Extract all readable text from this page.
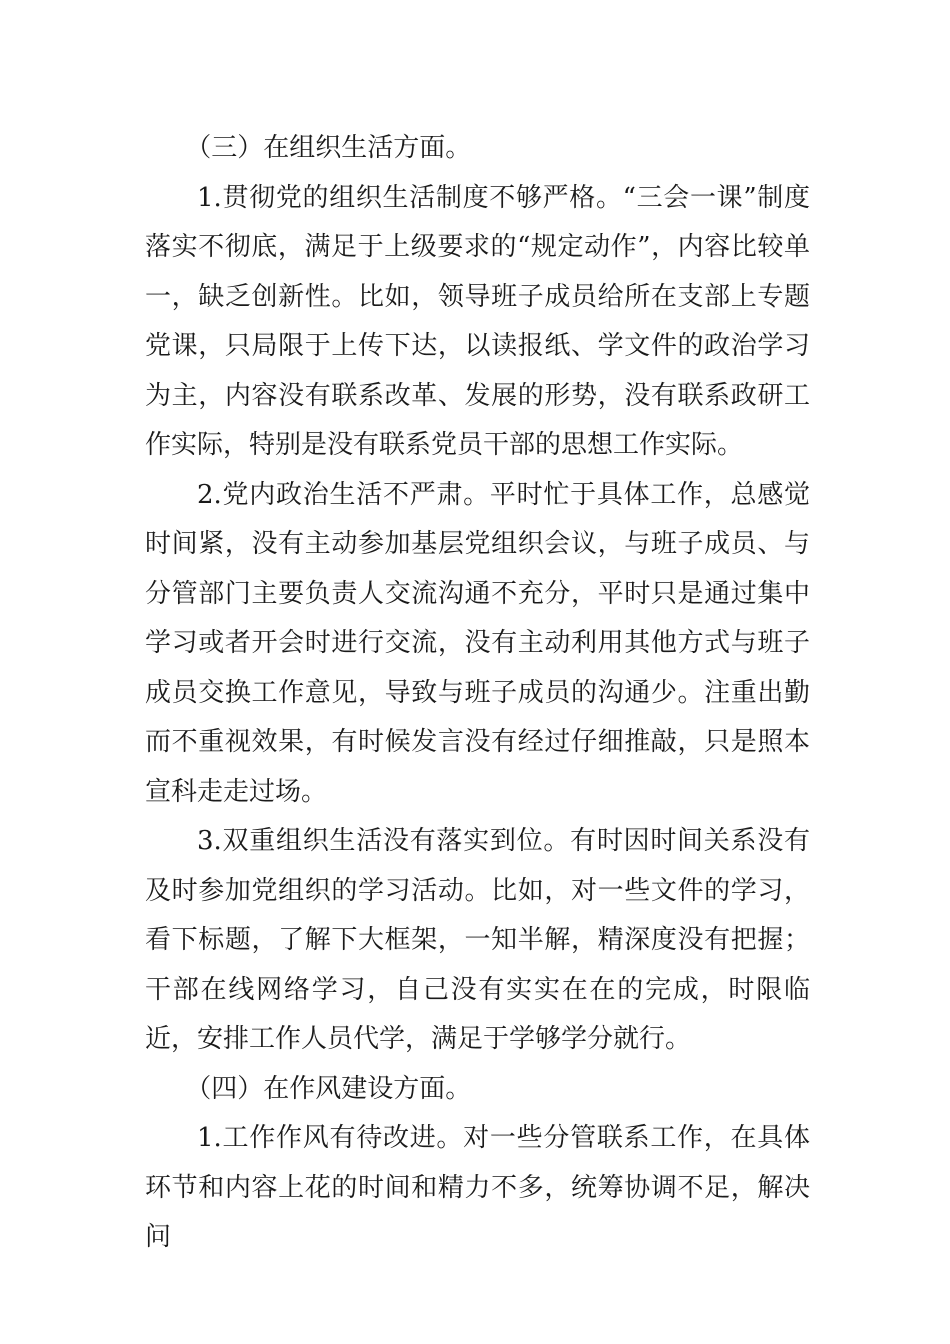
（三）在组织生活方面。

1.贯彻党的组织生活制度不够严格。“三会一课”制度落实不彻底，满足于上级要求的“规定动作”，内容比较单一，缺乏创新性。比如，领导班子成员给所在支部上专题党课，只局限于上传下达，以读报纸、学文件的政治学习为主，内容没有联系改革、发展的形势，没有联系政研工作实际，特别是没有联系党员干部的思想工作实际。

2.党内政治生活不严肃。平时忙于具体工作，总感觉时间紧，没有主动参加基层党组织会议，与班子成员、与分管部门主要负责人交流沟通不充分，平时只是通过集中学习或者开会时进行交流，没有主动利用其他方式与班子成员交换工作意见，导致与班子成员的沟通少。注重出勤而不重视效果，有时候发言没有经过仔细推敲，只是照本宣科走走过场。

3.双重组织生活没有落实到位。有时因时间关系没有及时参加党组织的学习活动。比如，对一些文件的学习，看下标题，了解下大框架，一知半解，精深度没有把握；干部在线网络学习，自己没有实实在在的完成，时限临近，安排工作人员代学，满足于学够学分就行。

（四）在作风建设方面。

1.工作作风有待改进。对一些分管联系工作，在具体环节和内容上花的时间和精力不多，统筹协调不足，解决问
